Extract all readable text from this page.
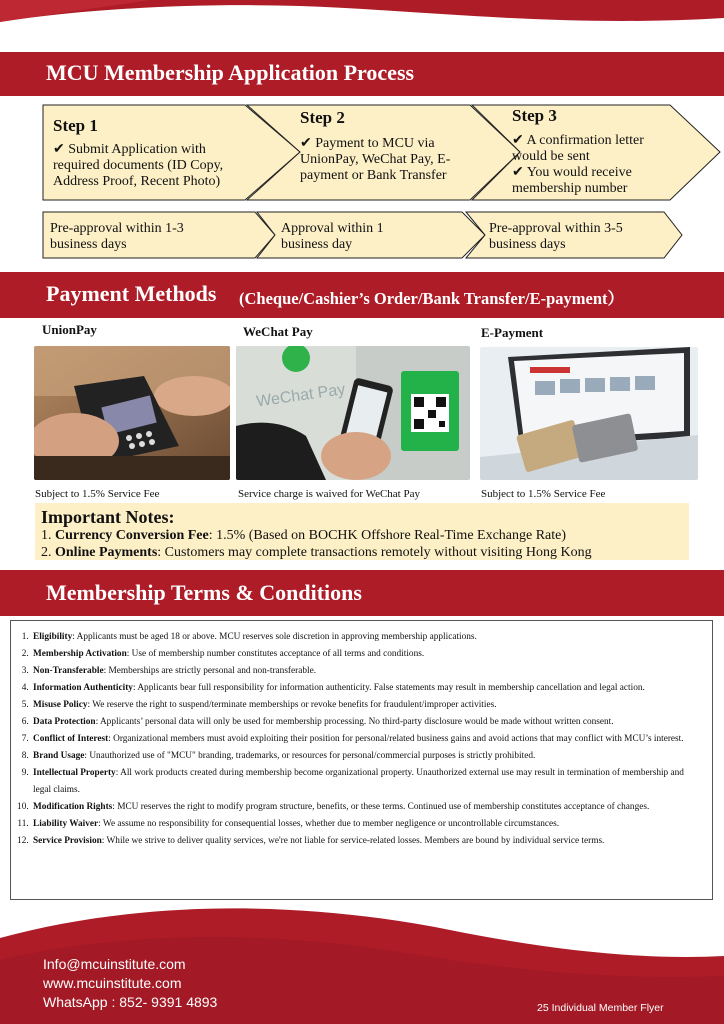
MCU Membership Application Process
Step 1
✔ Submit Application with required documents (ID Copy, Address Proof, Recent Photo)
Step 2
✔ Payment to MCU via UnionPay, WeChat Pay, E-payment or Bank Transfer
Step 3
✔ A confirmation letter would be sent
✔ You would receive membership number
Pre-approval within 1-3 business days
Approval within 1 business day
Pre-approval within 3-5 business days
Payment Methods (Cheque/Cashier’s Order/Bank Transfer/E-payment）
UnionPay	WeChat Pay	E-Payment
WeChat Pay
Subject to 1.5% Service Fee	Service charge is waived for WeChat Pay	Subject to 1.5% Service Fee
Important Notes:
1. Currency Conversion Fee: 1.5% (Based on BOCHK Offshore Real-Time Exchange Rate)
2. Online Payments: Customers may complete transactions remotely without visiting Hong Kong
Membership Terms & Conditions
1. Eligibility: Applicants must be aged 18 or above. MCU reserves sole discretion in approving membership applications.
2. Membership Activation: Use of membership number constitutes acceptance of all terms and conditions.
3. Non-Transferable: Memberships are strictly personal and non-transferable.
4. Information Authenticity: Applicants bear full responsibility for information authenticity. False statements may result in membership cancellation and legal action.
5. Misuse Policy: We reserve the right to suspend/terminate memberships or revoke benefits for fraudulent/improper activities.
6. Data Protection: Applicants’ personal data will only be used for membership processing. No third-party disclosure would be made without written consent.
7. Conflict of Interest: Organizational members must avoid exploiting their position for personal/related business gains and avoid actions that may conflict with MCU’s interest.
8. Brand Usage: Unauthorized use of "MCU" branding, trademarks, or resources for personal/commercial purposes is strictly prohibited.
9. Intellectual Property: All work products created during membership become organizational property. Unauthorized external use may result in termination of membership and legal claims.
10. Modification Rights: MCU reserves the right to modify program structure, benefits, or these terms. Continued use of membership constitutes acceptance of changes.
11. Liability Waiver: We assume no responsibility for consequential losses, whether due to member negligence or uncontrollable circumstances.
12. Service Provision: While we strive to deliver quality services, we're not liable for service-related losses. Members are bound by individual service terms.
Info@mcuinstitute.com
www.mcuinstitute.com
WhatsApp : 852- 9391 4893	25 Individual Member Flyer
